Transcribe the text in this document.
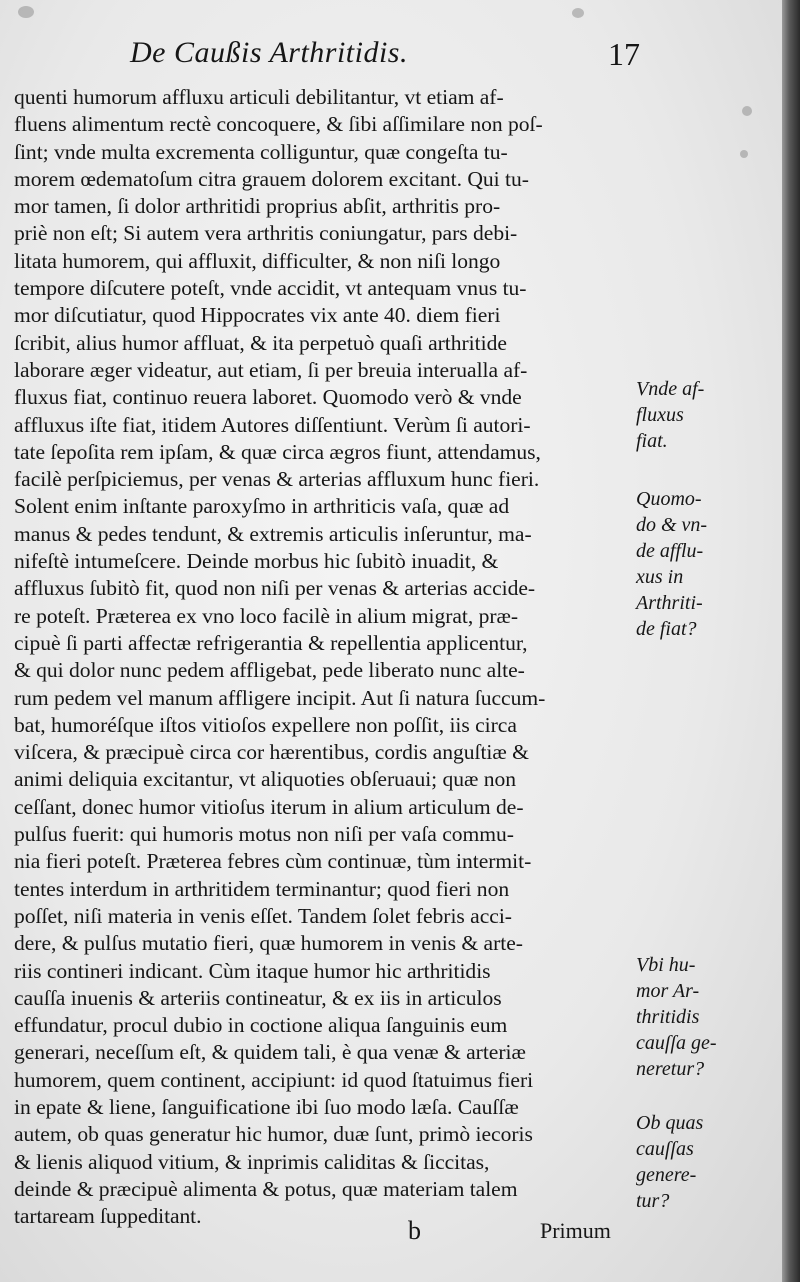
De Caußis Arthritidis.	17
quenti humorum affluxu articuli debilitantur, vt etiam af-
fluens alimentum rectè concoquere, & ſibi aſſimilare non poſ-
ſint; vnde multa excrementa colliguntur, quæ congeſta tu-
morem œdematoſum citra grauem dolorem excitant. Qui tu-
mor tamen, ſi dolor arthritidi proprius abſit, arthritis pro-
priè non eſt; Si autem vera arthritis coniungatur, pars debi-
litata humorem, qui affluxit, difficulter, & non niſi longo
tempore diſcutere poteſt, vnde accidit, vt antequam vnus tu-
mor diſcutiatur, quod Hippocrates vix ante 40. diem fieri
ſcribit, alius humor affluat, & ita perpetuò quaſi arthritide
laborare æger videatur, aut etiam, ſi per breuia interualla af-
fluxus fiat, continuo reuera laboret. Quomodo verò & vnde
affluxus iſte fiat, itidem Autores diſſentiunt. Verùm ſi autori-
tate ſepoſita rem ipſam, & quæ circa ægros fiunt, attendamus,
facilè perſpiciemus, per venas & arterias affluxum hunc fieri.
Solent enim inſtante paroxyſmo in arthriticis vaſa, quæ ad
manus & pedes tendunt, & extremis articulis inſeruntur, ma-
nifeſtè intumeſcere. Deinde morbus hic ſubitò inuadit, &
affluxus ſubitò fit, quod non niſi per venas & arterias accide-
re poteſt. Præterea ex vno loco facilè in alium migrat, præ-
cipuè ſi parti affectæ refrigerantia & repellentia applicentur,
& qui dolor nunc pedem affligebat, pede liberato nunc alte-
rum pedem vel manum affligere incipit. Aut ſi natura ſuccum-
bat, humoréſque iſtos vitioſos expellere non poſſit, iis circa
viſcera, & præcipuè circa cor hærentibus, cordis anguſtiæ &
animi deliquia excitantur, vt aliquoties obſeruaui; quæ non
ceſſant, donec humor vitioſus iterum in alium articulum de-
pulſus fuerit: qui humoris motus non niſi per vaſa commu-
nia fieri poteſt. Præterea febres cùm continuæ, tùm intermit-
tentes interdum in arthritidem terminantur; quod fieri non
poſſet, niſi materia in venis eſſet. Tandem ſolet febris acci-
dere, & pulſus mutatio fieri, quæ humorem in venis & arte-
riis contineri indicant. Cùm itaque humor hic arthritidis
cauſſa inuenis & arteriis contineatur, & ex iis in articulos
effundatur, procul dubio in coctione aliqua ſanguinis eum
generari, neceſſum eſt, & quidem tali, è qua venæ & arteriæ
humorem, quem continent, accipiunt: id quod ſtatuimus fieri
in epate & liene, ſanguificatione ibi ſuo modo læſa. Cauſſæ
autem, ob quas generatur hic humor, duæ ſunt, primò iecoris
& lienis aliquod vitium, & inprimis caliditas & ſiccitas,
deinde & præcipuè alimenta & potus, quæ materiam talem
tartaream ſuppeditant.
Vnde af-
fluxus
fiat.
Quomo-
do & vn-
de afflu-
xus in
Arthriti-
de fiat?
Vbi hu-
mor Ar-
thritidis
cauſſa ge-
neretur?
Ob quas
cauſſas
genere-
tur?
b	Primum
